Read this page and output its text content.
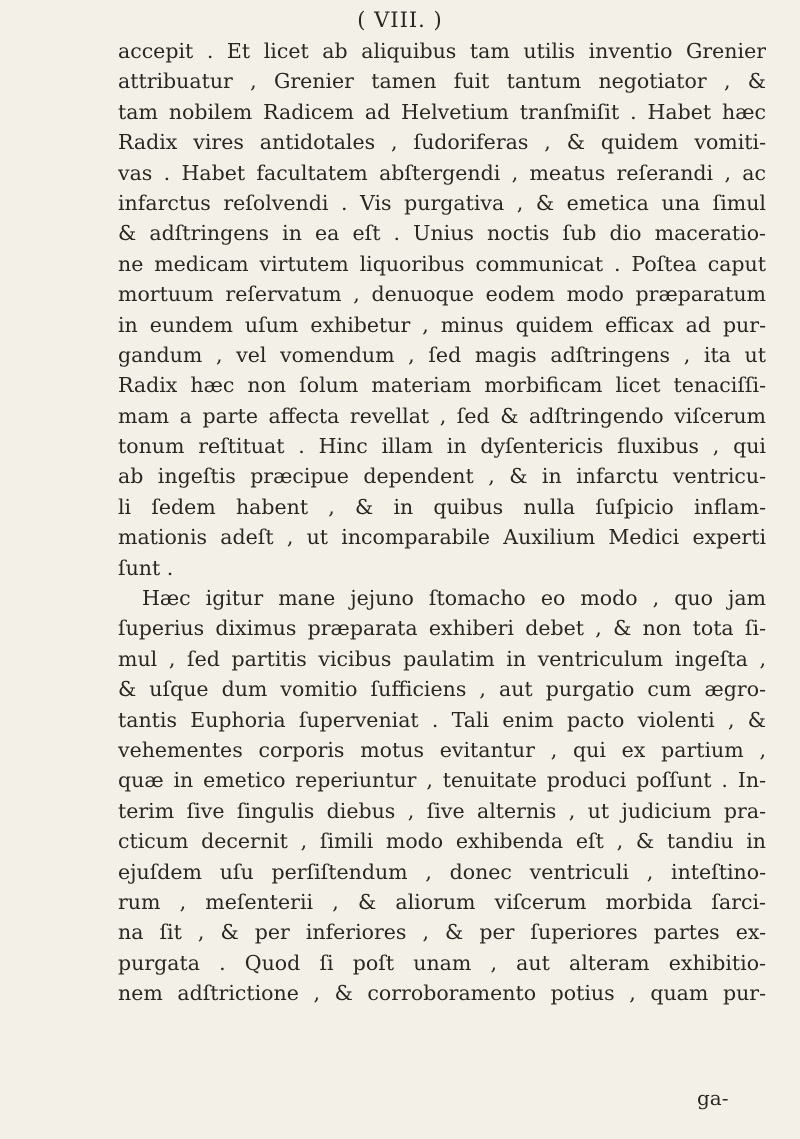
( VIII. )
accepit . Et licet ab aliquibus tam utilis inventio Grenier
attribuatur , Grenier tamen fuit tantum negotiator , &
tam nobilem Radicem ad Helvetium tranſmiſit . Habet hæc
Radix vires antidotales , ſudoriferas , & quidem vomiti-
vas . Habet facultatem abſtergendi , meatus reſerandi , ac
infarctus reſolvendi . Vis purgativa , & emetica una ſimul
& adſtringens in ea eſt . Unius noctis ſub dio maceratio-
ne medicam virtutem liquoribus communicat . Poſtea caput
mortuum reſervatum , denuoque eodem modo præparatum
in eundem uſum exhibetur , minus quidem efficax ad pur-
gandum , vel vomendum , ſed magis adſtringens , ita ut
Radix hæc non ſolum materiam morbificam licet tenaciſſi-
mam a parte affecta revellat , ſed & adſtringendo viſcerum
tonum reſtituat . Hinc illam in dyſentericis fluxibus , qui
ab ingeſtis præcipue dependent , & in infarctu ventricu-
li ſedem habent , & in quibus nulla ſuſpicio inflam-
mationis adeſt , ut incomparabile Auxilium Medici experti
ſunt .
Hæc igitur mane jejuno ſtomacho eo modo , quo jam
ſuperius diximus præparata exhiberi debet , & non tota ſi-
mul , ſed partitis vicibus paulatim in ventriculum ingeſta ,
& uſque dum vomitio ſufficiens , aut purgatio cum ægro-
tantis Euphoria ſuperveniat . Tali enim pacto violenti , &
vehementes corporis motus evitantur , qui ex partium ,
quæ in emetico reperiuntur , tenuitate produci poſſunt . In-
terim ſive ſingulis diebus , ſive alternis , ut judicium pra-
cticum decernit , ſimili modo exhibenda eſt , & tandiu in
ejuſdem uſu perſiſtendum , donec ventriculi , inteſtino-
rum , meſenterii , & aliorum viſcerum morbida ſarci-
na ſit , & per inferiores , & per ſuperiores partes ex-
purgata . Quod ſi poſt unam , aut alteram exhibitio-
nem adſtrictione , & corroboramento potius , quam pur-
ga-
